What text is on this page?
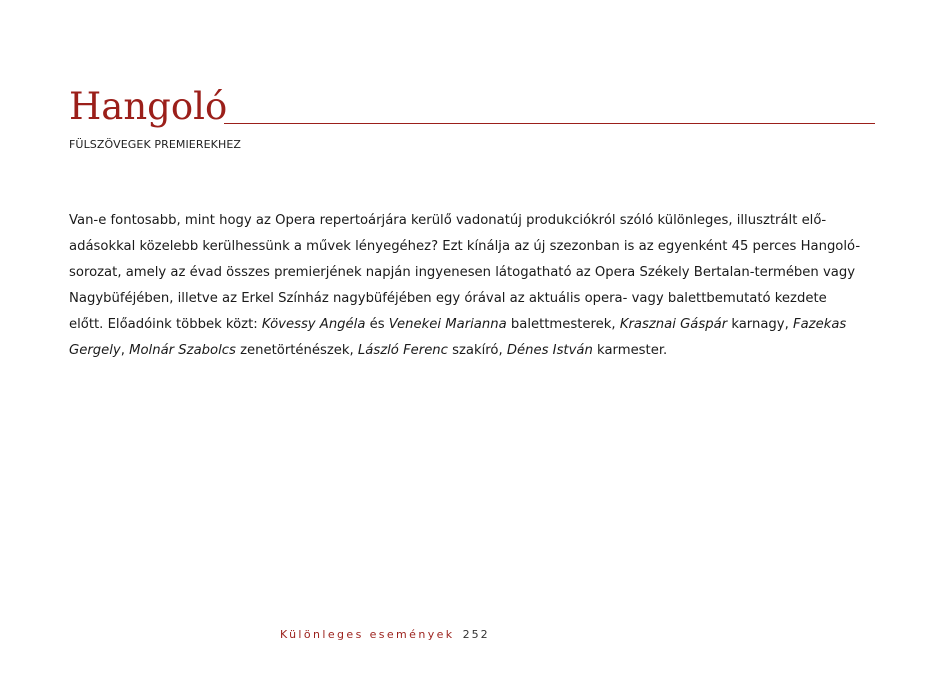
Hangoló
FÜLSZÖVEGEK PREMIEREKHEZ
Van-e fontosabb, mint hogy az Opera repertoárjára kerülő vadonatúj produkciókról szóló különleges, illusztrált elő-
adásokkal közelebb kerülhessünk a művek lényegéhez? Ezt kínálja az új szezonban is az egyenként 45 perces Hangoló-
sorozat, amely az évad összes premierjének napján ingyenesen látogatható az Opera Székely Bertalan-termében vagy
Nagybüféjében, illetve az Erkel Színház nagybüféjében egy órával az aktuális opera- vagy balettbemutató kezdete
előtt. Előadóink többek közt: Kövessy Angéla és Venekei Marianna balettmesterek, Krasznai Gáspár karnagy, Fazekas
Gergely, Molnár Szabolcs zenetörténészek, László Ferenc szakíró, Dénes István karmester.
Különleges események 252
